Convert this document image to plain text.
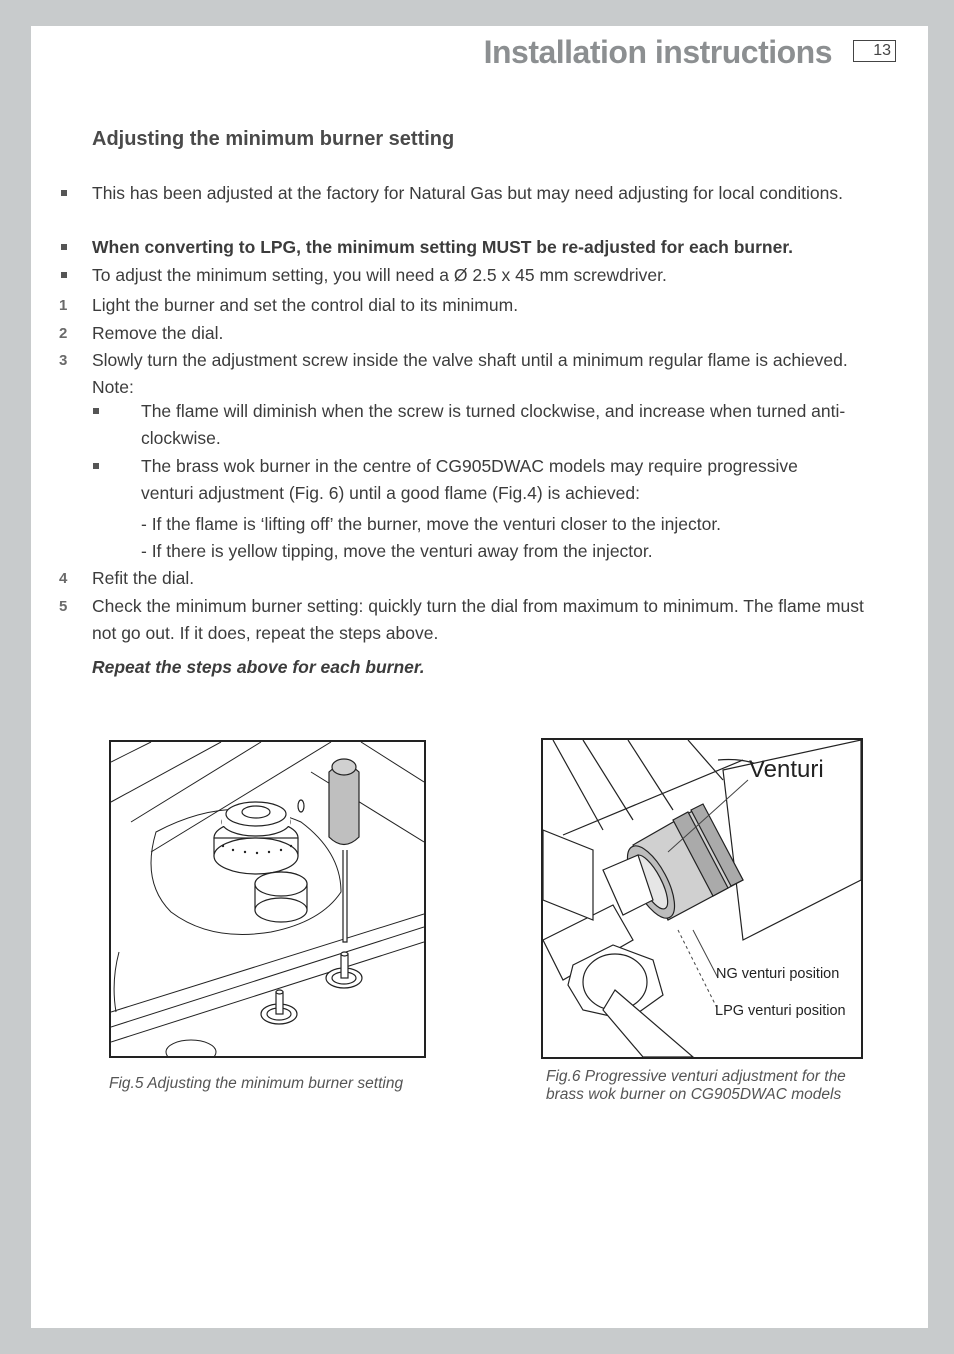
Installation instructions	13
Adjusting the minimum burner setting
This has been adjusted at the factory for Natural Gas but may need adjusting for local conditions.
When converting to LPG, the minimum setting MUST be re-adjusted for each burner.
To adjust the minimum setting, you will need a Ø 2.5 x 45 mm screwdriver.
1 Light the burner and set the control dial to its minimum.
2 Remove the dial.
3 Slowly turn the adjustment screw inside the valve shaft until a minimum regular flame is achieved. Note:
The flame will diminish when the screw is turned clockwise, and increase when turned anti-clockwise.
The brass wok burner in the centre of CG905DWAC models may require progressive venturi adjustment (Fig. 6) until a good flame (Fig.4) is achieved:
- If the flame is ‘lifting off’ the burner, move the venturi closer to the injector.
- If there is yellow tipping, move the venturi away from the injector.
4 Refit the dial.
5 Check the minimum burner setting: quickly turn the dial from maximum to minimum. The flame must not go out. If it does, repeat the steps above.
Repeat the steps above for each burner.
Fig.5 Adjusting the minimum burner setting
Venturi
NG venturi position
LPG venturi position
Fig.6 Progressive venturi adjustment for the
brass wok burner on CG905DWAC models
